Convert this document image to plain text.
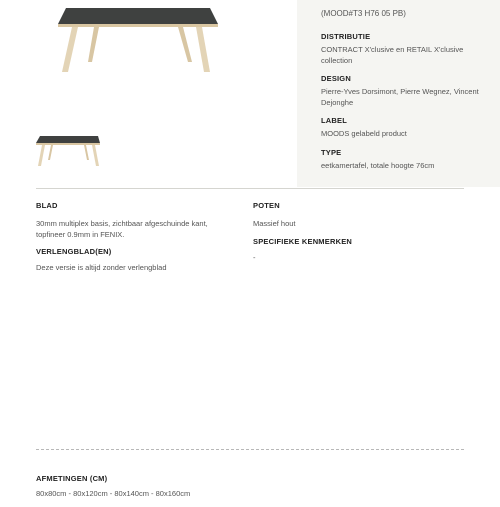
(MOOD#T3 H76 05 PB)

DISTRIBUTIE

CONTRACT X'clusive en RETAIL X'clusive collection

DESIGN

Pierre-Yves Dorsimont, Pierre Wegnez, Vincent Dejonghe

LABEL

MOODS gelabeld product

TYPE

eetkamertafel, totale hoogte 76cm

BLAD

30mm multiplex basis, zichtbaar afgeschuinde kant, topfineer 0.9mm in FENIX.

VERLENGBLAD(EN)

Deze versie is altijd zonder verlengblad

POTEN

Massief hout

SPECIFIEKE KENMERKEN

-

AFMETINGEN (CM)

80x80cm - 80x120cm - 80x140cm - 80x160cm
